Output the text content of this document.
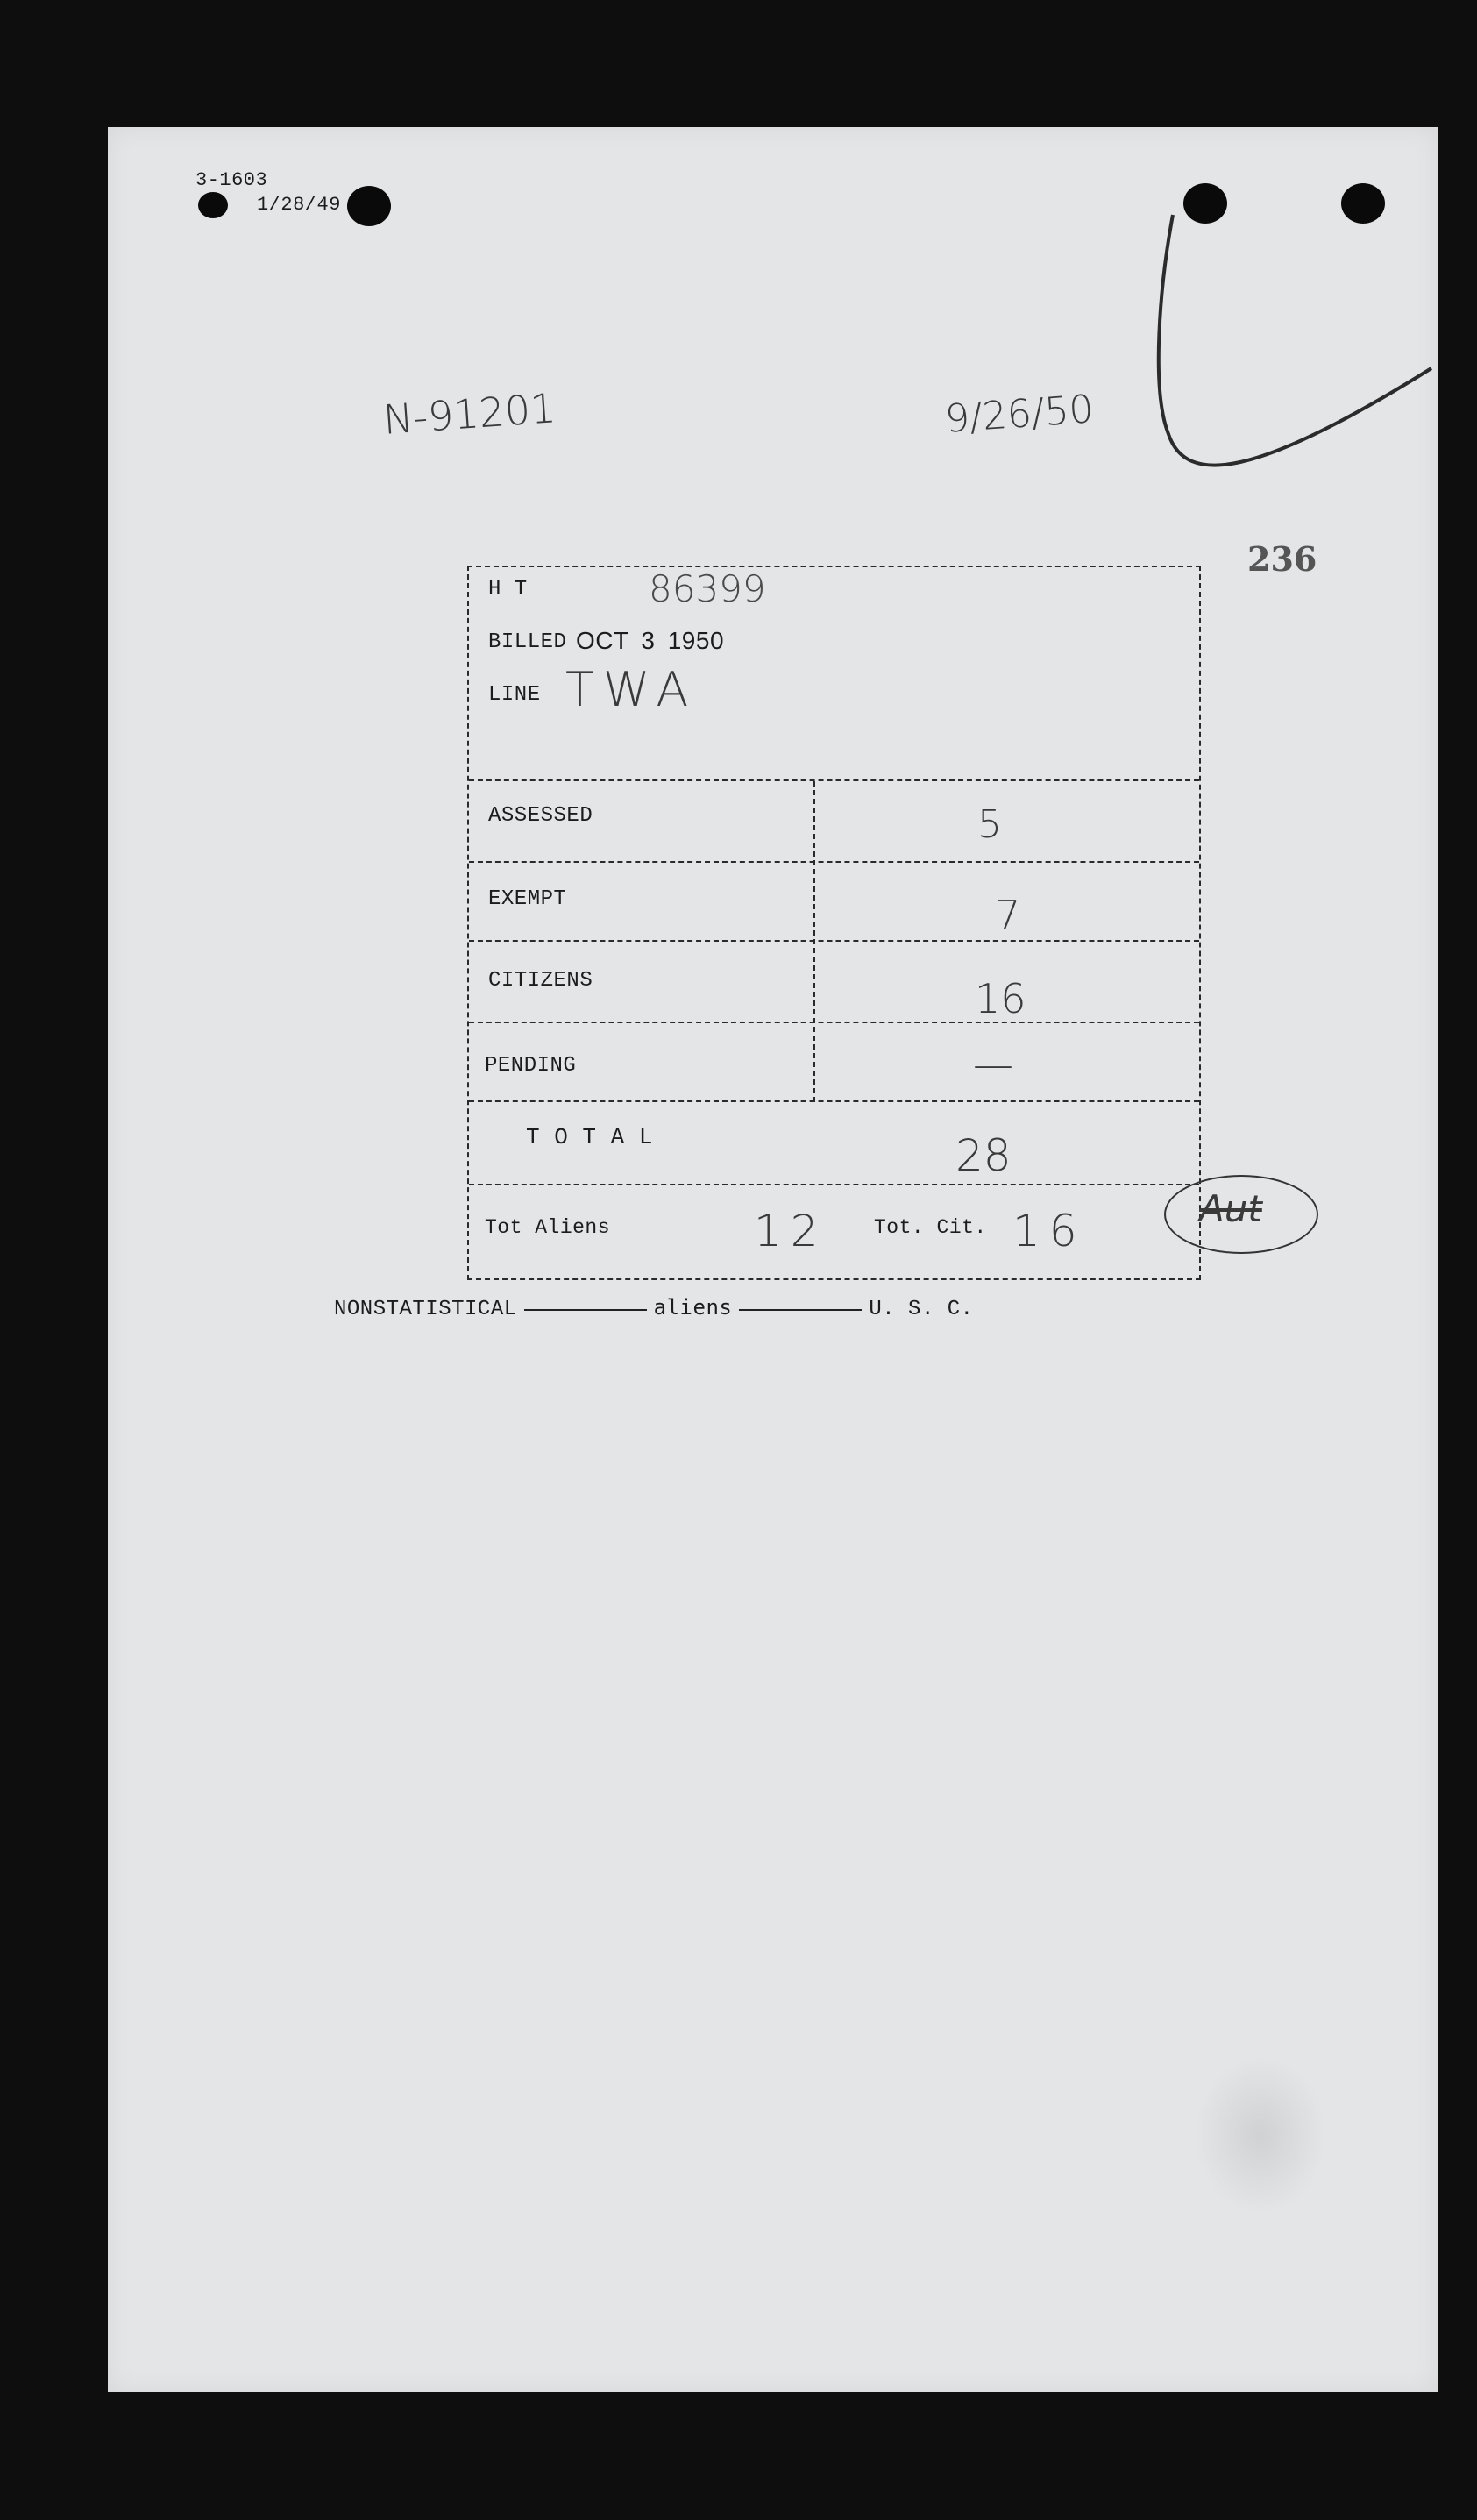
3-1603
1/28/49
N-91201	9/26/50
236
H T	86399
BILLED OCT 3 1950
LINE TWA
ASSESSED	5
EXEMPT	7
CITIZENS	16
PENDING	—
T O T A L	28
Tot Aliens	12 Tot. Cit. 16	Aut
NONSTATISTICAL	aliens	U. S. C.
